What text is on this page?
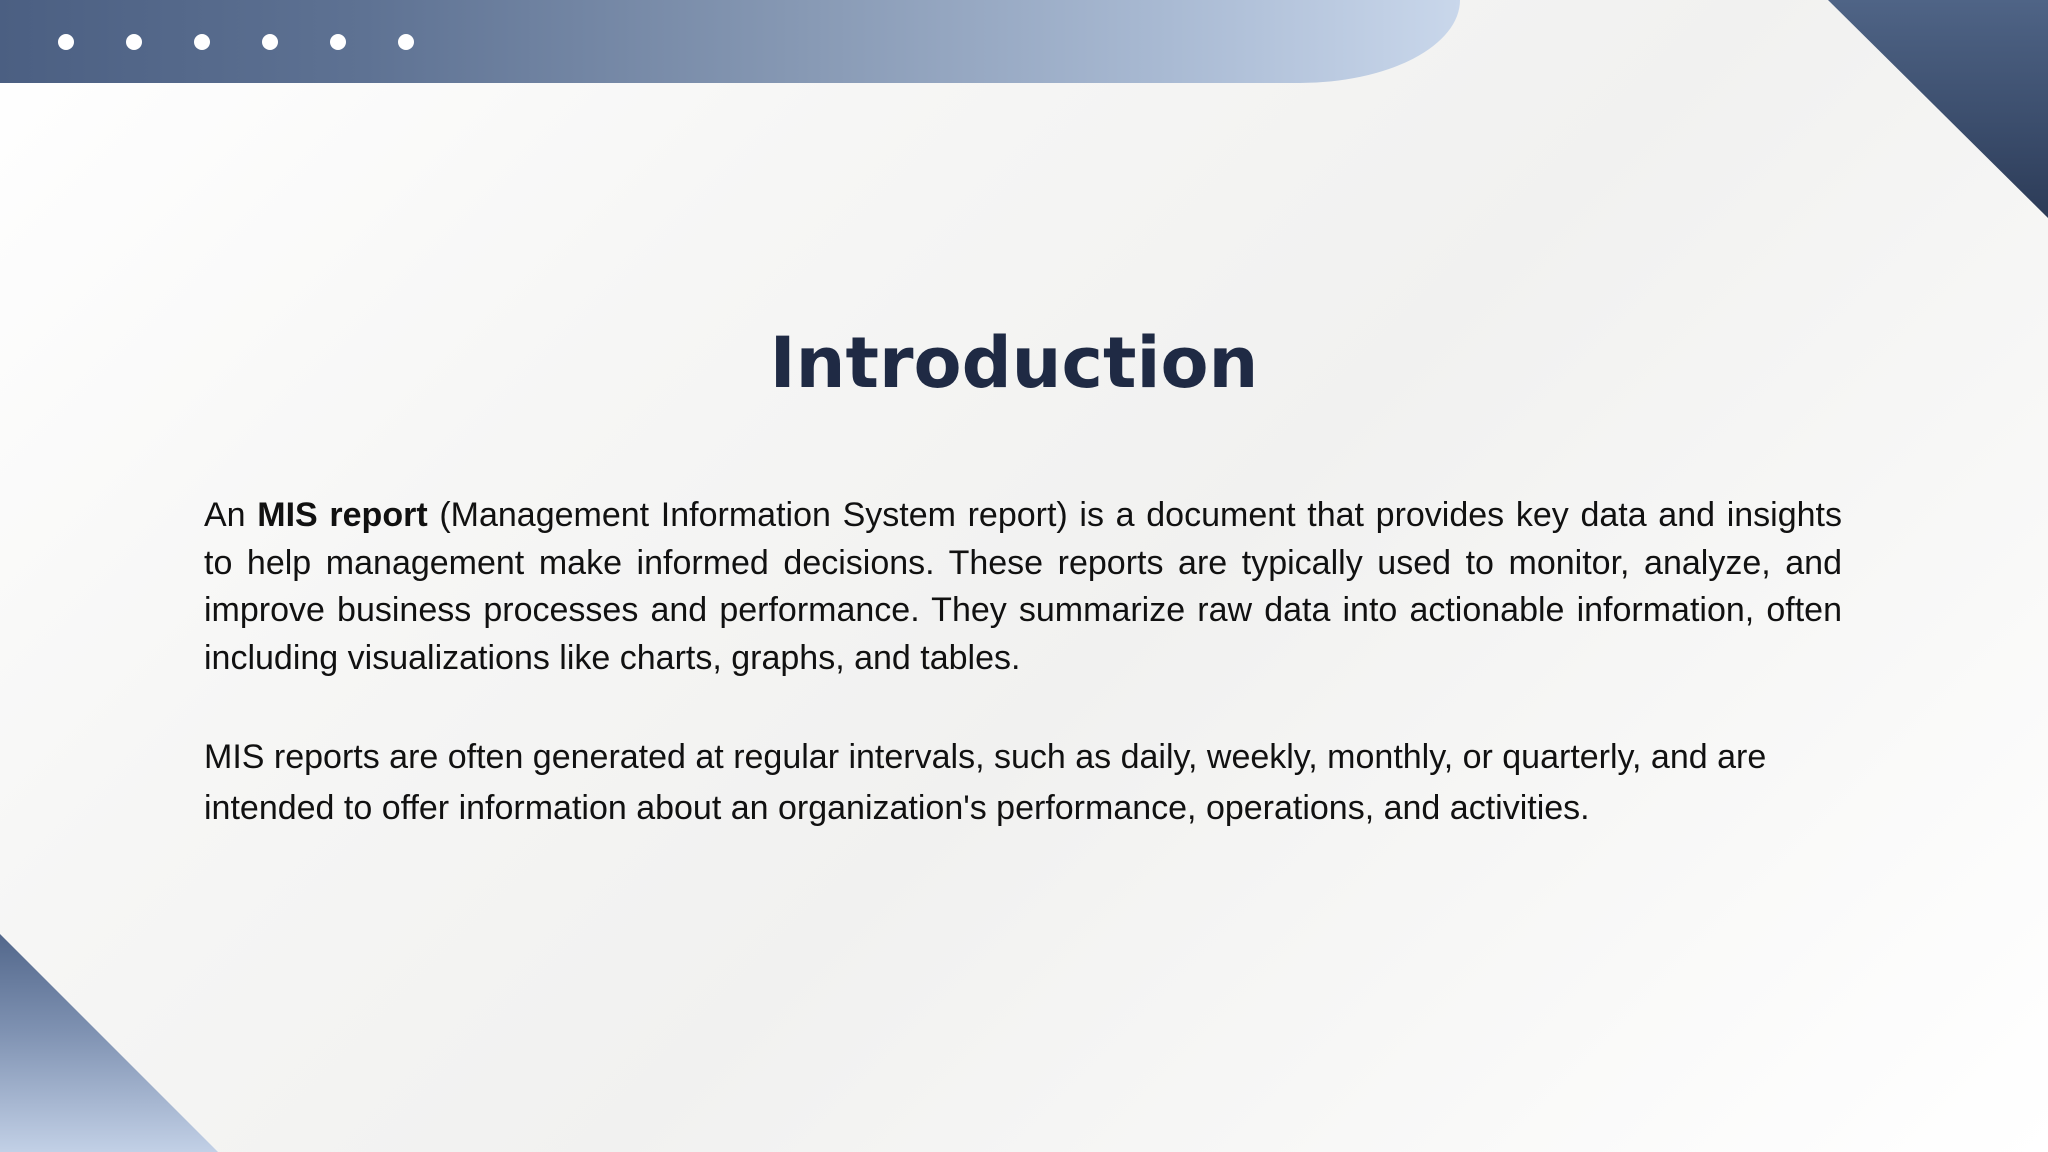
Introduction

An MIS report (Management Information System report) is a document that provides key data and insights to help management make informed decisions. These reports are typically used to monitor, analyze, and improve business processes and performance. They summarize raw data into actionable information, often including visualizations like charts, graphs, and tables.

MIS reports are often generated at regular intervals, such as daily, weekly, monthly, or quarterly, and are intended to offer information about an organization's performance, operations, and activities.
